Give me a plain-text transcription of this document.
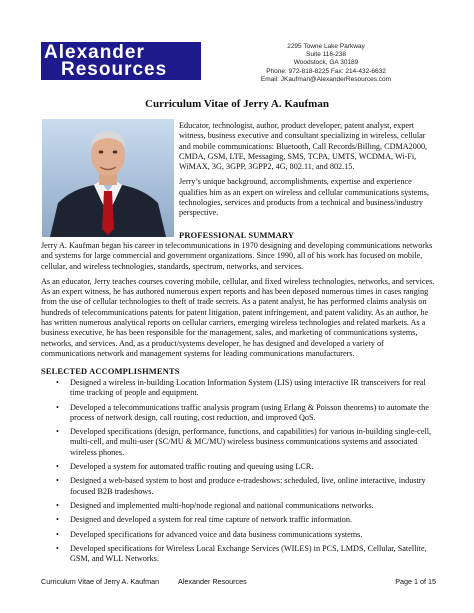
Alexander
Resources
2295 Towne Lake Parkway
Suite 116-238
Woodstock, GA 30189
Phone: 972-818-8225 Fax: 214-432-6632
Email: JKaufman@AlexanderResources.com
Curriculum Vitae of Jerry A. Kaufman

Educator, technologist, author, product developer, patent analyst, expert witness, business executive and consultant specializing in wireless, cellular and mobile communications: Bluetooth, Call Records/Billing, CDMA2000, CMDA, GSM, LTE, Messaging, SMS, TCPA, UMTS, WCDMA, Wi-Fi, WiMAX, 3G, 3GPP, 3GPP2, 4G, 802.11, and 802.15.

Jerry’s unique background, accomplishments, expertise and experience qualifies him as an expert on wireless and cellular communications systems, technologies, services and products from a technical and business/industry perspective.

PROFESSIONAL SUMMARY

Jerry A. Kaufman began his career in telecommunications in 1970 designing and developing communications networks and systems for large commercial and government organizations. Since 1990, all of his work has focused on mobile, cellular, and wireless technologies, standards, spectrum, networks, and services.

As an educator, Jerry teaches courses covering mobile, cellular, and fixed wireless technologies, networks, and services. As an expert witness, he has authored numerous expert reports and has been deposed numerous times in cases ranging from the use of cellular technologies to theft of trade secrets. As a patent analyst, he has performed claims analysis on hundreds of telecommunications patents for patent litigation, patent infringement, and patent validity. As an author, he has written numerous analytical reports on cellular carriers, emerging wireless technologies and related markets. As a business executive, he has been responsible for the management, sales, and marketing of communications systems, networks, and services. And, as a product/systems developer, he has designed and developed a variety of communications network and management systems for leading communications manufacturers.

SELECTED ACCOMPLISHMENTS
• Designed a wireless in-building Location Information System (LIS) using interactive IR transceivers for real time tracking of people and equipment.
• Developed a telecommunications traffic analysis program (using Erlang & Poisson theorems) to automate the process of network design, call routing, cost reduction, and improved QoS.
• Developed specifications (design, performance, functions, and capabilities) for various in-building single-cell, multi-cell, and multi-user (SC/MU & MC/MU) wireless business communications systems and associated wireless phones.
• Developed a system for automated traffic routing and queuing using LCR.
• Designed a web-based system to host and produce e-tradeshows: scheduled, live, online interactive, industry focused B2B tradeshows.
• Designed and implemented multi-hop/node regional and national communications networks.
• Designed and developed a system for real time capture of network traffic information.
• Developed specifications for advanced voice and data business communications systems.
• Developed specifications for Wireless Local Exchange Services (WILES) in PCS, LMDS, Cellular, Satellite, GSM, and WLL Networks.
Curriculum Vitae of Jerry A. Kaufman	Alexander Resources	Page 1 of 15
